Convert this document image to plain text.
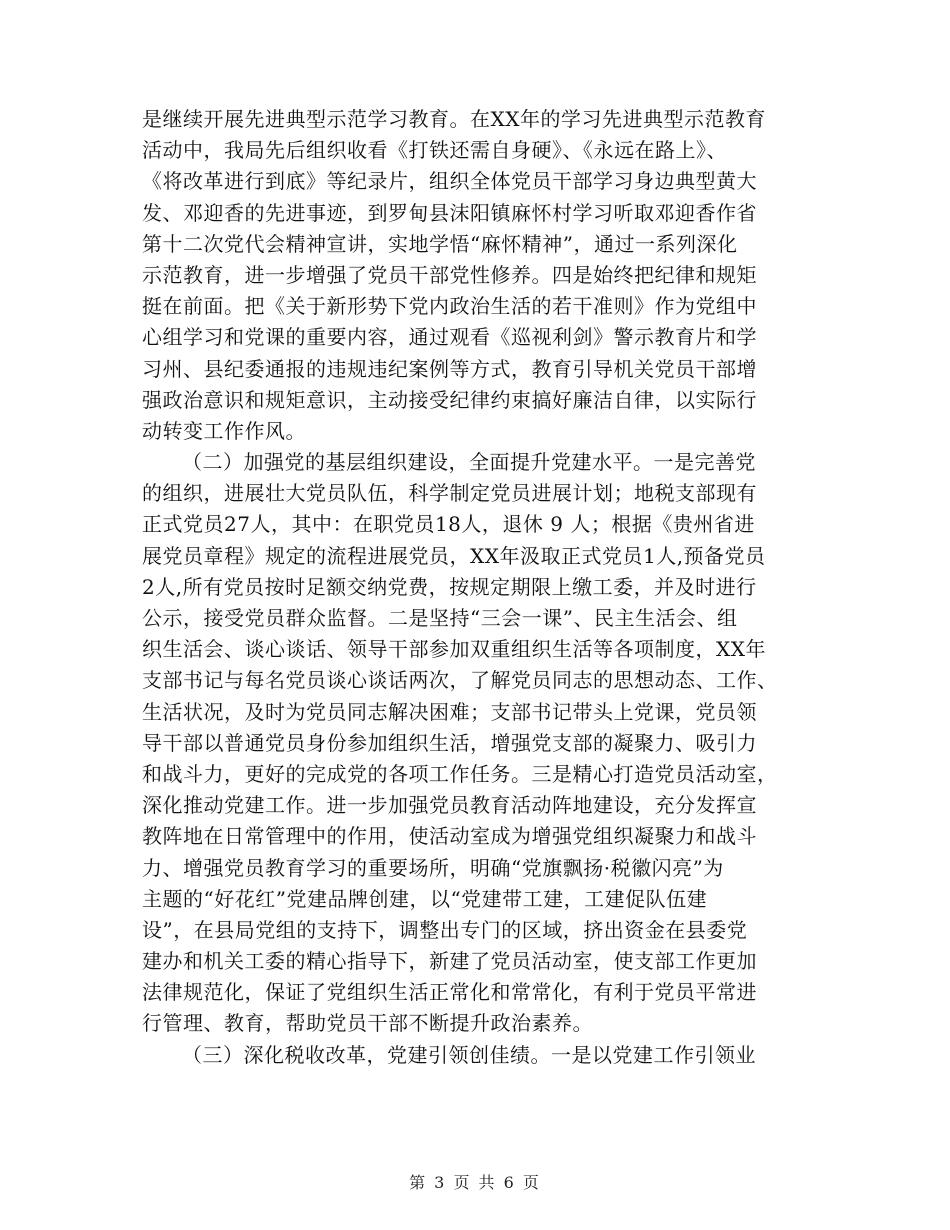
是继续开展先进典型示范学习教育。在XX年的学习先进典型示范教育
活动中，我局先后组织收看《打铁还需自身硬》、《永远在路上》、
《将改革进行到底》等纪录片，组织全体党员干部学习身边典型黄大
发、邓迎香的先进事迹，到罗甸县沫阳镇麻怀村学习听取邓迎香作省
第十二次党代会精神宣讲，实地学悟“麻怀精神”，通过一系列深化
示范教育，进一步增强了党员干部党性修养。四是始终把纪律和规矩
挺在前面。把《关于新形势下党内政治生活的若干准则》作为党组中
心组学习和党课的重要内容，通过观看《巡视利剑》警示教育片和学
习州、县纪委通报的违规违纪案例等方式，教育引导机关党员干部增
强政治意识和规矩意识，主动接受纪律约束搞好廉洁自律，以实际行
动转变工作作风。
（二）加强党的基层组织建设，全面提升党建水平。一是完善党
的组织，进展壮大党员队伍，科学制定党员进展计划；地税支部现有
正式党员27人，其中：在职党员18人，退休 9 人；根据《贵州省进
展党员章程》规定的流程进展党员，XX年汲取正式党员1人,预备党员
2人,所有党员按时足额交纳党费，按规定期限上缴工委，并及时进行
公示，接受党员群众监督。二是坚持“三会一课”、民主生活会、组
织生活会、谈心谈话、领导干部参加双重组织生活等各项制度，XX年
支部书记与每名党员谈心谈话两次，了解党员同志的思想动态、工作、
生活状况，及时为党员同志解决困难；支部书记带头上党课，党员领
导干部以普通党员身份参加组织生活，增强党支部的凝聚力、吸引力
和战斗力，更好的完成党的各项工作任务。三是精心打造党员活动室，
深化推动党建工作。进一步加强党员教育活动阵地建设，充分发挥宣
教阵地在日常管理中的作用，使活动室成为增强党组织凝聚力和战斗
力、增强党员教育学习的重要场所，明确“党旗飘扬·税徽闪亮”为
主题的“好花红”党建品牌创建，以“党建带工建，工建促队伍建
设”，在县局党组的支持下，调整出专门的区域，挤出资金在县委党
建办和机关工委的精心指导下，新建了党员活动室，使支部工作更加
法律规范化，保证了党组织生活正常化和常常化，有利于党员平常进
行管理、教育，帮助党员干部不断提升政治素养。
（三）深化税收改革，党建引领创佳绩。一是以党建工作引领业
第 3 页 共 6 页
